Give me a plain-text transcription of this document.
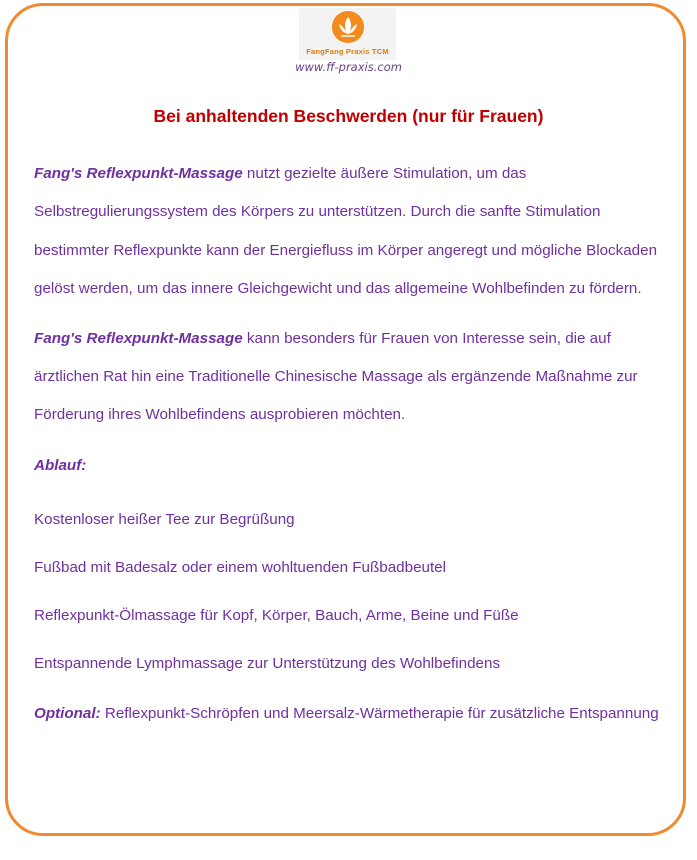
FangFang Praxis TCM
www.ff-praxis.com
Bei anhaltenden Beschwerden (nur für Frauen)

Fang's Reflexpunkt-Massage nutzt gezielte äußere Stimulation, um das Selbstregulierungssystem des Körpers zu unterstützen. Durch die sanfte Stimulation bestimmter Reflexpunkte kann der Energiefluss im Körper angeregt und mögliche Blockaden gelöst werden, um das innere Gleichgewicht und das allgemeine Wohlbefinden zu fördern.

Fang's Reflexpunkt-Massage kann besonders für Frauen von Interesse sein, die auf ärztlichen Rat hin eine Traditionelle Chinesische Massage als ergänzende Maßnahme zur Förderung ihres Wohlbefindens ausprobieren möchten.

Ablauf:

Kostenloser heißer Tee zur Begrüßung

Fußbad mit Badesalz oder einem wohltuenden Fußbadbeutel

Reflexpunkt-Ölmassage für Kopf, Körper, Bauch, Arme, Beine und Füße

Entspannende Lymphmassage zur Unterstützung des Wohlbefindens

Optional: Reflexpunkt-Schröpfen und Meersalz-Wärmetherapie für zusätzliche Entspannung
